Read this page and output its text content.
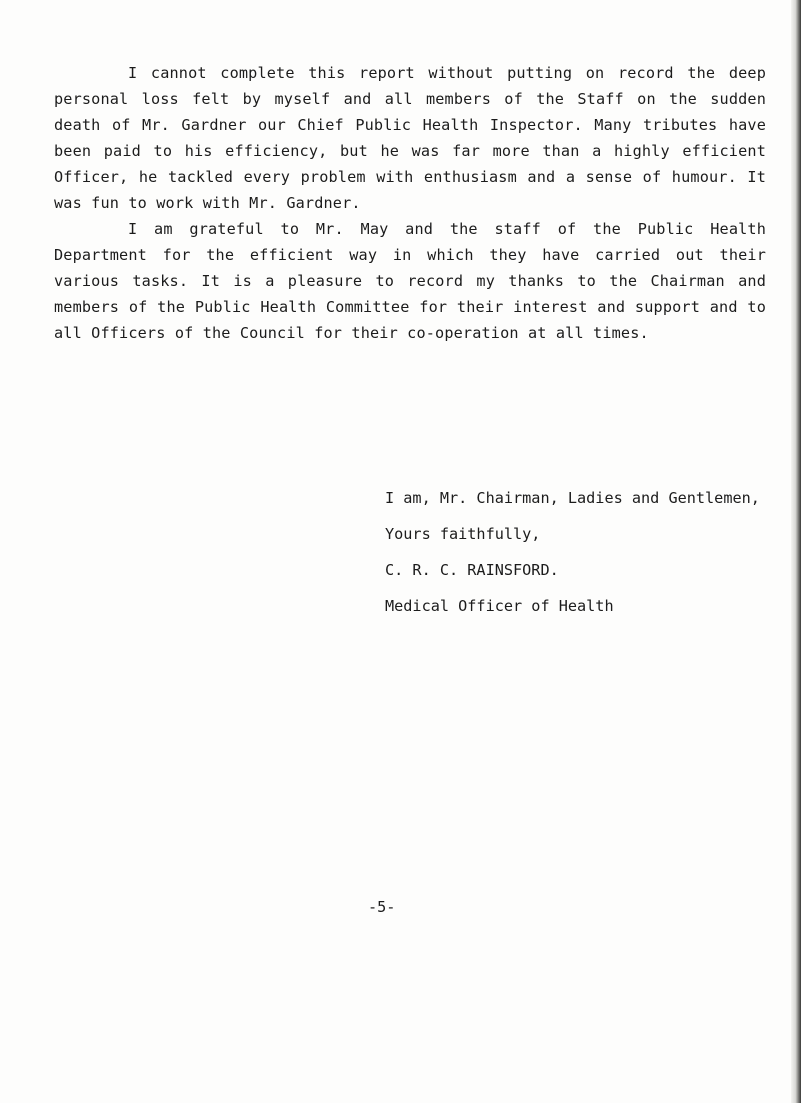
I cannot complete this report without putting on record the deep personal loss felt by myself and all members of the Staff on the sudden death of Mr. Gardner our Chief Public Health Inspector. Many tributes have been paid to his efficiency, but he was far more than a highly efficient Officer, he tackled every problem with enthusiasm and a sense of humour. It was fun to work with Mr. Gardner.

I am grateful to Mr. May and the staff of the Public Health Department for the efficient way in which they have carried out their various tasks. It is a pleasure to record my thanks to the Chairman and members of the Public Health Committee for their interest and support and to all Officers of the Council for their co-operation at all times.

I am, Mr. Chairman, Ladies and Gentlemen,
Yours faithfully,
C. R. C. RAINSFORD.
Medical Officer of Health
-5-
